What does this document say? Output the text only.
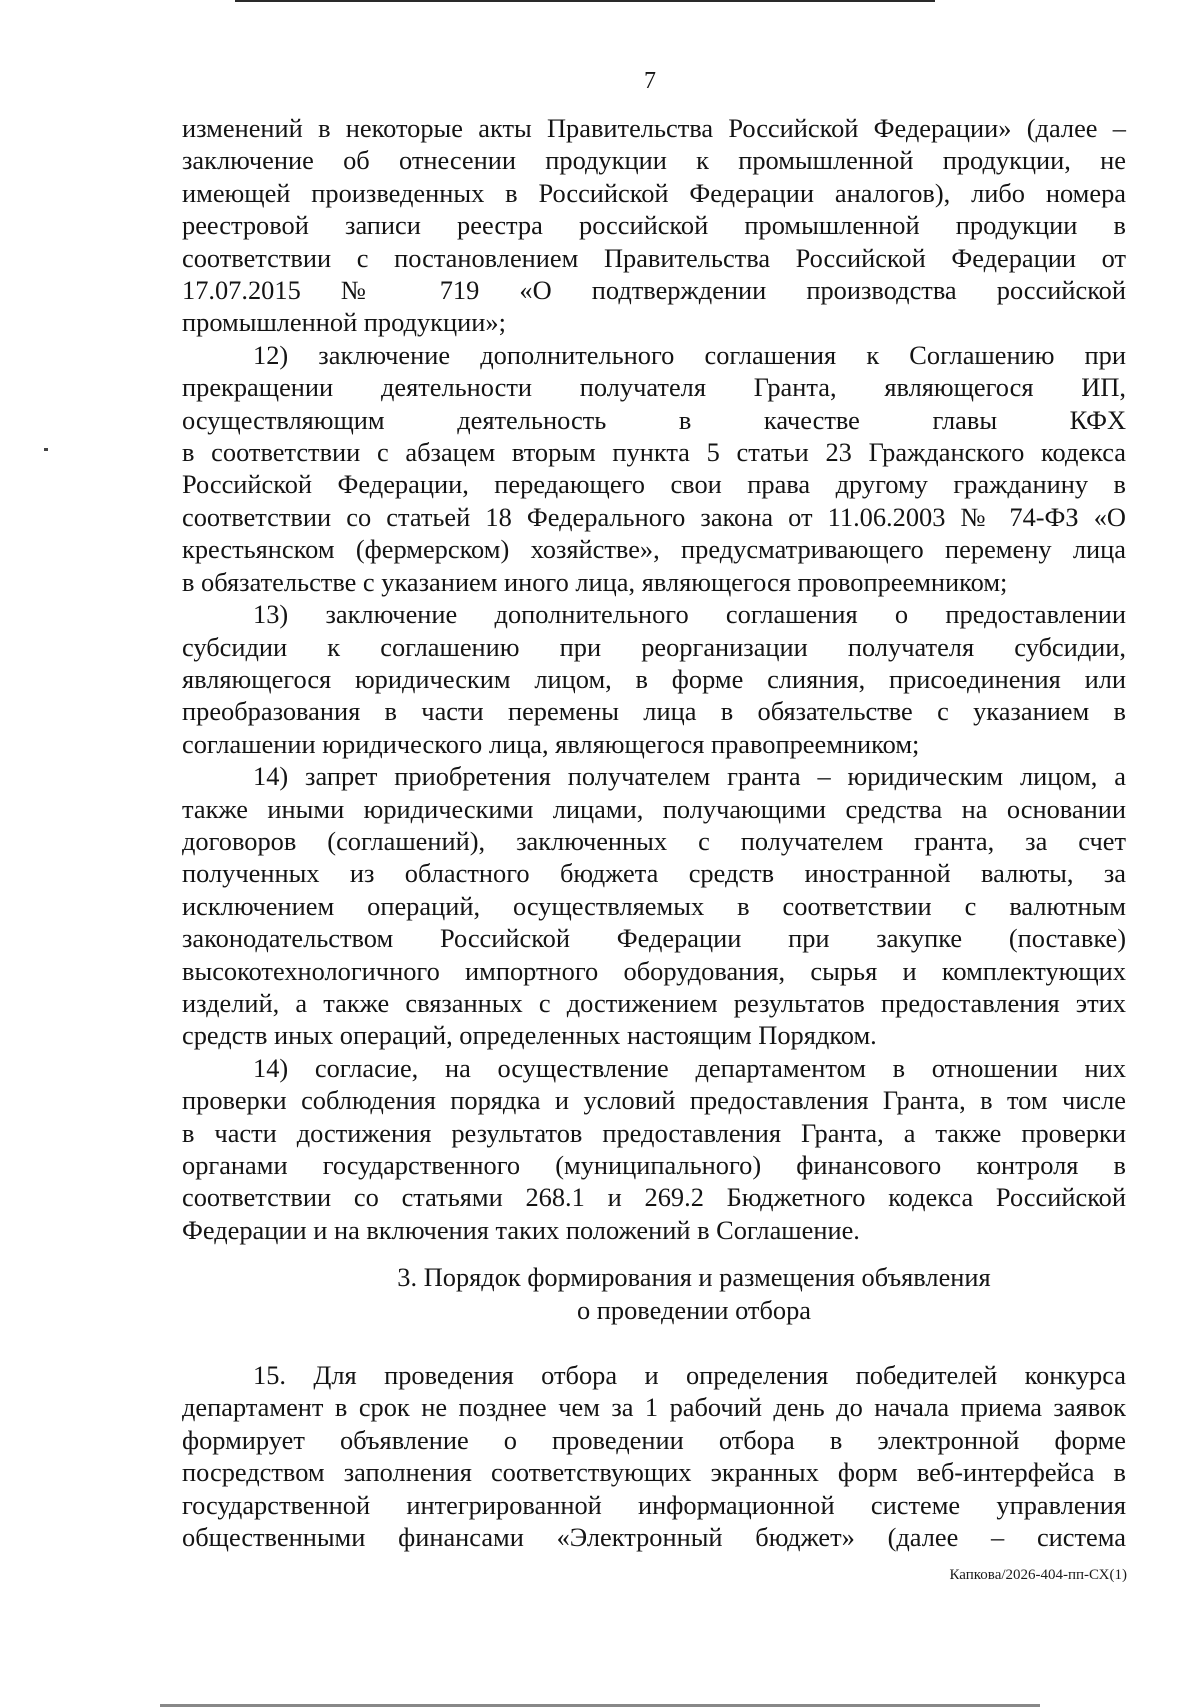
7

изменений в некоторые акты Правительства Российской Федерации» (далее –

заключение об отнесении продукции к промышленной продукции, не

имеющей произведенных в Российской Федерации аналогов), либо номера

реестровой записи реестра российской промышленной продукции в

соответствии с постановлением Правительства Российской Федерации от

17.07.2015 № 719 «О подтверждении производства российской

промышленной продукции»;

12) заключение дополнительного соглашения к Соглашению при

прекращении деятельности получателя Гранта, являющегося ИП,

осуществляющим деятельность в качестве главы КФХ

в соответствии с абзацем вторым пункта 5 статьи 23 Гражданского кодекса

Российской Федерации, передающего свои права другому гражданину в

соответствии со статьей 18 Федерального закона от 11.06.2003 № 74-ФЗ «О

крестьянском (фермерском) хозяйстве», предусматривающего перемену лица

в обязательстве с указанием иного лица, являющегося провопреемником;

13) заключение дополнительного соглашения о предоставлении

субсидии к соглашению при реорганизации получателя субсидии,

являющегося юридическим лицом, в форме слияния, присоединения или

преобразования в части перемены лица в обязательстве с указанием в

соглашении юридического лица, являющегося правопреемником;

14) запрет приобретения получателем гранта – юридическим лицом, а

также иными юридическими лицами, получающими средства на основании

договоров (соглашений), заключенных с получателем гранта, за счет

полученных из областного бюджета средств иностранной валюты, за

исключением операций, осуществляемых в соответствии с валютным

законодательством Российской Федерации при закупке (поставке)

высокотехнологичного импортного оборудования, сырья и комплектующих

изделий, а также связанных с достижением результатов предоставления этих

средств иных операций, определенных настоящим Порядком.

14) согласие, на осуществление департаментом в отношении них

проверки соблюдения порядка и условий предоставления Гранта, в том числе

в части достижения результатов предоставления Гранта, а также проверки

органами государственного (муниципального) финансового контроля в

соответствии со статьями 268.1 и 269.2 Бюджетного кодекса Российской

Федерации и на включения таких положений в Соглашение.

3. Порядок формирования и размещения объявления

о проведении отбора

15. Для проведения отбора и определения победителей конкурса

департамент в срок не позднее чем за 1 рабочий день до начала приема заявок

формирует объявление о проведении отбора в электронной форме

посредством заполнения соответствующих экранных форм веб-интерфейса в

государственной интегрированной информационной системе управления

общественными финансами «Электронный бюджет» (далее – система

Капкова/2026-404-пп-СХ(1)
